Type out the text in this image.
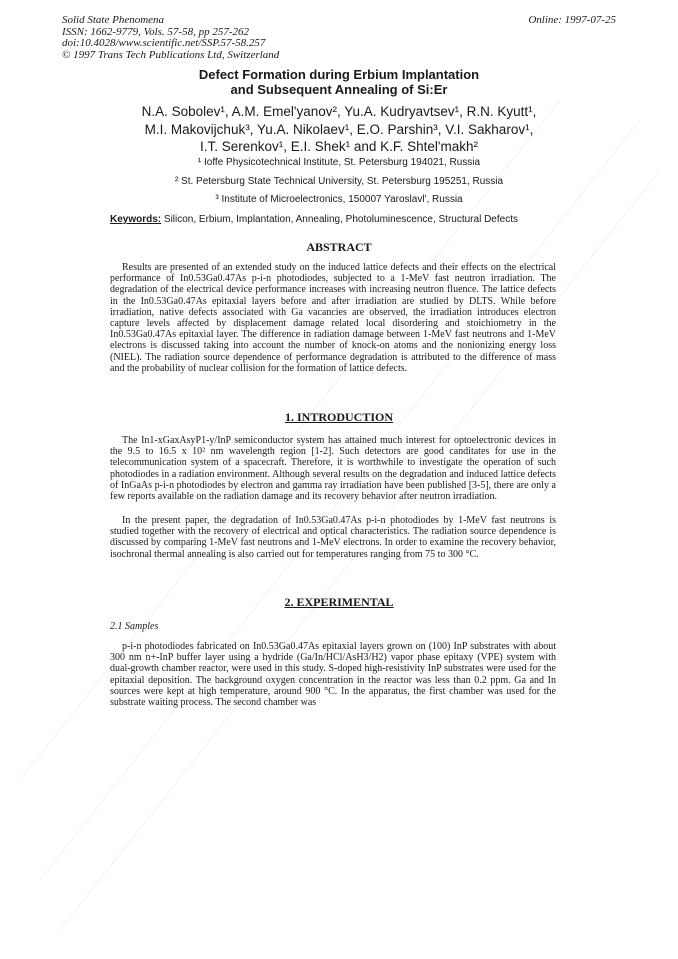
Solid State Phenomena
ISSN: 1662-9779, Vols. 57-58, pp 257-262
doi:10.4028/www.scientific.net/SSP.57-58.257
© 1997 Trans Tech Publications Ltd, Switzerland
Online: 1997-07-25
Defect Formation during Erbium Implantation
and Subsequent Annealing of Si:Er
N.A. Sobolev¹, A.M. Emel'yanov², Yu.A. Kudryavtsev¹, R.N. Kyutt¹,
M.I. Makovijchuk³, Yu.A. Nikolaev¹, E.O. Parshin³, V.I. Sakharov¹,
I.T. Serenkov¹, E.I. Shek¹ and K.F. Shtel'makh²
¹ Ioffe Physicotechnical Institute, St. Petersburg 194021, Russia
² St. Petersburg State Technical University, St. Petersburg 195251, Russia
³ Institute of Microelectronics, 150007 Yaroslavl', Russia
Keywords: Silicon, Erbium, Implantation, Annealing, Photoluminescence, Structural Defects
ABSTRACT

Results are presented of an extended study on the induced lattice defects and their effects on the electrical performance of In0.53Ga0.47As p-i-n photodiodes, subjected to a 1-MeV fast neutron irradiation. The degradation of the electrical device performance increases with increasing neutron fluence. The lattice defects in the In0.53Ga0.47As epitaxial layers before and after irradiation are studied by DLTS. While before irradiation, native defects associated with Ga vacancies are observed, the irradiation introduces electron capture levels affected by displacement damage related local disordering and stoichiometry in the In0.53Ga0.47As epitaxial layer. The difference in radiation damage between 1-MeV fast neutrons and 1-MeV electrons is discussed taking into account the number of knock-on atoms and the nonionizing energy loss (NIEL). The radiation source dependence of performance degradation is attributed to the difference of mass and the probability of nuclear collision for the formation of lattice defects.

1. INTRODUCTION

The In1-xGaxAsyP1-y/InP semiconductor system has attained much interest for optoelectronic devices in the 9.5 to 16.5 x 10² nm wavelength region [1-2]. Such detectors are good canditates for use in the telecommunication system of a spacecraft. Therefore, it is worthwhile to investigate the operation of such photodiodes in a radiation environment. Although several results on the degradation and induced lattice defects of InGaAs p-i-n photodiodes by electron and gamma ray irradiation have been published [3-5], there are only a few reports available on the radiation damage and its recovery behavior after neutron irradiation.

In the present paper, the degradation of In0.53Ga0.47As p-i-n photodiodes by 1-MeV fast neutrons is studied together with the recovery of electrical and optical characteristics. The radiation source dependence is discussed by comparing 1-MeV fast neutrons and 1-MeV electrons. In order to examine the recovery behavior, isochronal thermal annealing is also carried out for temperatures ranging from 75 to 300 °C.

2. EXPERIMENTAL
2.1 Samples

p-i-n photodiodes fabricated on In0.53Ga0.47As epitaxial layers grown on (100) InP substrates with about 300 nm n+-InP buffer layer using a hydride (Ga/In/HCl/AsH3/H2) vapor phase epitaxy (VPE) system with dual-growth chamber reactor, were used in this study. S-doped high-resistivity InP substrates were used for the epitaxial deposition. The background oxygen concentration in the reactor was less than 0.2 ppm. Ga and In sources were kept at high temperature, around 900 °C. In the apparatus, the first chamber was used for the substrate waiting process. The second chamber was
